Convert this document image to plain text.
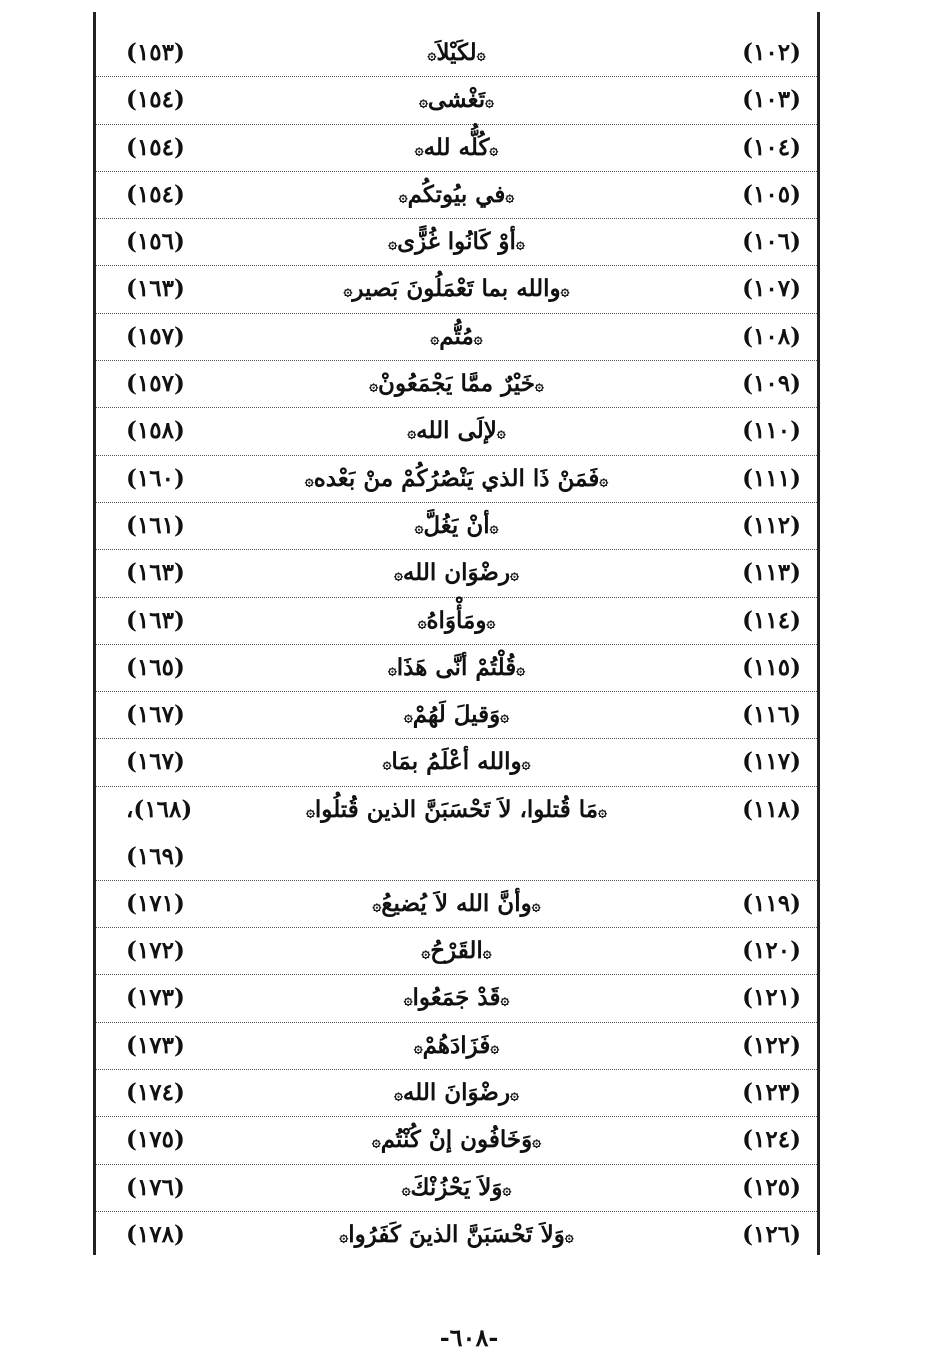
(١٠٢)
۞لكَيْلاَ۞
(١٥٣)
(١٠٣)
۞تَغْشى۞
(١٥٤)
(١٠٤)
۞كُلُّه لله۞
(١٥٤)
(١٠٥)
۞في بيُوتكُم۞
(١٥٤)
(١٠٦)
۞أوْ كَانُوا غُزًّى۞
(١٥٦)
(١٠٧)
۞والله بما تَعْمَلُونَ بَصير۞
(١٦٣)
(١٠٨)
۞مُتُّم۞
(١٥٧)
(١٠٩)
۞خَيْرٌ ممَّا يَجْمَعُونْ۞
(١٥٧)
(١١٠)
۞لإلَى الله۞
(١٥٨)
(١١١)
۞فَمَنْ ذَا الذي يَنْصُرُكُمْ منْ بَعْده۞
(١٦٠)
(١١٢)
۞أنْ يَغُلَّ۞
(١٦١)
(١١٣)
۞رضْوَان الله۞
(١٦٣)
(١١٤)
۞ومَأْوَاهُ۞
(١٦٣)
(١١٥)
۞قُلْتُمْ أنَّى هَذَا۞
(١٦٥)
(١١٦)
۞وَقيلَ لَهُمْ۞
(١٦٧)
(١١٧)
۞والله أعْلَمُ بمَا۞
(١٦٧)
(١١٨)
۞مَا قُتلوا، لاَ تَحْسَبَنَّ الذين قُتلُوا۞
(١٦٨)،
(١٦٩)
(١١٩)
۞وأنَّ الله لاَ يُضيعُ۞
(١٧١)
(١٢٠)
۞القَرْحُ۞
(١٧٢)
(١٢١)
۞قَدْ جَمَعُوا۞
(١٧٣)
(١٢٢)
۞فَزَادَهُمْ۞
(١٧٣)
(١٢٣)
۞رضْوَانَ الله۞
(١٧٤)
(١٢٤)
۞وَخَافُون إنْ كُنْتُم۞
(١٧٥)
(١٢٥)
۞وَلاَ يَحْزُنْكَ۞
(١٧٦)
(١٢٦)
۞وَلاَ تَحْسَبَنَّ الذينَ كَفَرُوا۞
(١٧٨)
-٦٠٨-
